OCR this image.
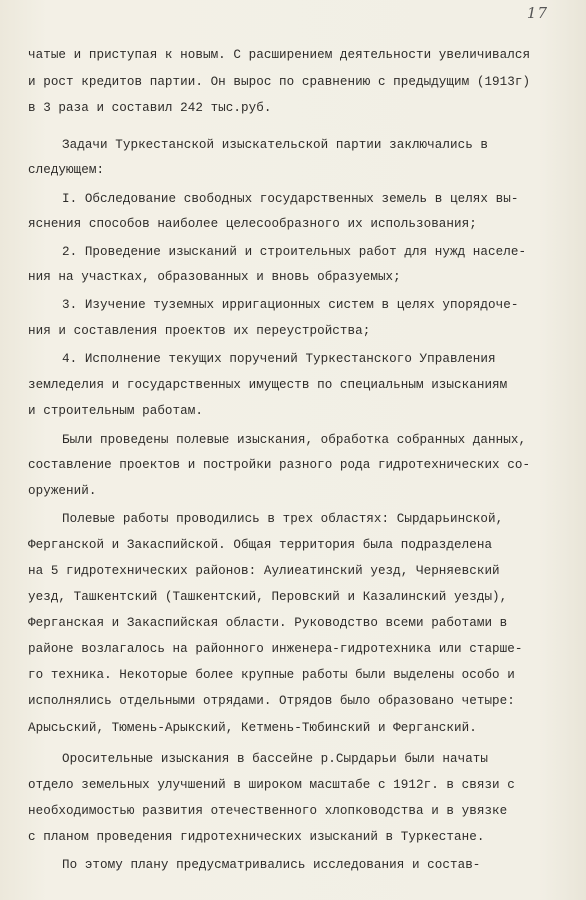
17
чатые и приступая к новым. С расширением деятельности увеличивался
и рост кредитов партии. Он вырос по сравнению с предыдущим (1913г)
в 3 раза и составил 242 тыс.руб.
Задачи Туркестанской изыскательской партии заключались в
следующем:
I. Обследование свободных государственных земель в целях вы-
яснения способов наиболее целесообразного их использования;
2. Проведение изысканий и строительных работ для нужд населе-
ния на участках, образованных и вновь образуемых;
3. Изучение туземных ирригационных систем в целях упорядоче-
ния и составления проектов их переустройства;
4. Исполнение текущих поручений Туркестанского Управления
земледелия и государственных имуществ по специальным изысканиям
и строительным работам.
Были проведены полевые изыскания, обработка собранных данных,
составление проектов и постройки разного рода гидротехнических со-
оружений.
Полевые работы проводились в трех областях: Сырдарьинской,
Ферганской и Закаспийской. Общая территория была подразделена
на 5 гидротехнических районов: Аулиеатинский уезд, Черняевский
уезд, Ташкентский (Ташкентский, Перовский и Казалинский уезды),
Ферганская и Закаспийская области. Руководство всеми работами в
районе возлагалось на районного инженера-гидротехника или старше-
го техника. Некоторые более крупные работы были выделены особо и
исполнялись отдельными отрядами. Отрядов было образовано четыре:
Арысьский, Тюмень-Арыкский, Кетмень-Тюбинский и Ферганский.
Оросительные изыскания в бассейне р.Сырдарьи были начаты
отдело земельных улучшений в широком масштабе с 1912г. в связи с
необходимостью развития отечественного хлопководства и в увязке
с планом проведения гидротехнических изысканий в Туркестане.
По этому плану предусматривались исследования и состав-
